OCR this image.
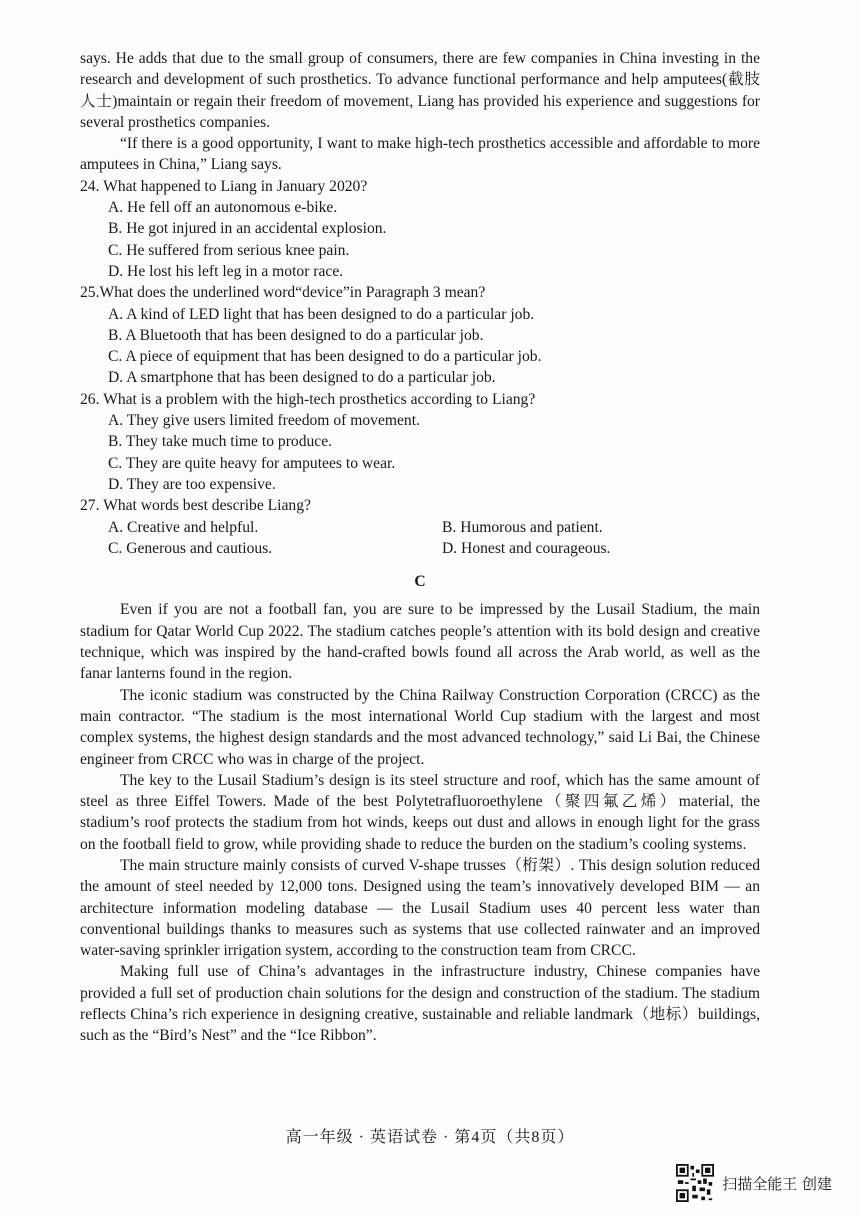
says. He adds that due to the small group of consumers, there are few companies in China investing in the research and development of such prosthetics. To advance functional performance and help amputees(截肢人士)maintain or regain their freedom of movement, Liang has provided his experience and suggestions for several prosthetics companies.

“If there is a good opportunity, I want to make high-tech prosthetics accessible and affordable to more amputees in China,” Liang says.

24. What happened to Liang in January 2020?
A. He fell off an autonomous e-bike.
B. He got injured in an accidental explosion.
C. He suffered from serious knee pain.
D. He lost his left leg in a motor race.
25.What does the underlined word“device”in Paragraph 3 mean?
A. A kind of LED light that has been designed to do a particular job.
B. A Bluetooth that has been designed to do a particular job.
C. A piece of equipment that has been designed to do a particular job.
D. A smartphone that has been designed to do a particular job.
26. What is a problem with the high-tech prosthetics according to Liang?
A. They give users limited freedom of movement.
B. They take much time to produce.
C. They are quite heavy for amputees to wear.
D. They are too expensive.
27. What words best describe Liang?
A. Creative and helpful.	B. Humorous and patient.
C. Generous and cautious.	D. Honest and courageous.
C

Even if you are not a football fan, you are sure to be impressed by the Lusail Stadium, the main stadium for Qatar World Cup 2022. The stadium catches people’s attention with its bold design and creative technique, which was inspired by the hand-crafted bowls found all across the Arab world, as well as the fanar lanterns found in the region.

The iconic stadium was constructed by the China Railway Construction Corporation (CRCC) as the main contractor. “The stadium is the most international World Cup stadium with the largest and most complex systems, the highest design standards and the most advanced technology,” said Li Bai, the Chinese engineer from CRCC who was in charge of the project.

The key to the Lusail Stadium’s design is its steel structure and roof, which has the same amount of steel as three Eiffel Towers. Made of the best Polytetrafluoroethylene（聚四氟乙烯）material, the stadium’s roof protects the stadium from hot winds, keeps out dust and allows in enough light for the grass on the football field to grow, while providing shade to reduce the burden on the stadium’s cooling systems.

The main structure mainly consists of curved V-shape trusses（桁架）. This design solution reduced the amount of steel needed by 12,000 tons. Designed using the team’s innovatively developed BIM — an architecture information modeling database — the Lusail Stadium uses 40 percent less water than conventional buildings thanks to measures such as systems that use collected rainwater and an improved water-saving sprinkler irrigation system, according to the construction team from CRCC.

Making full use of China’s advantages in the infrastructure industry, Chinese companies have provided a full set of production chain solutions for the design and construction of the stadium. The stadium reflects China’s rich experience in designing creative, sustainable and reliable landmark（地标）buildings, such as the “Bird’s Nest” and the “Ice Ribbon”.

高一年级 · 英语试卷 · 第4页（共8页）
扫描全能王 创建
